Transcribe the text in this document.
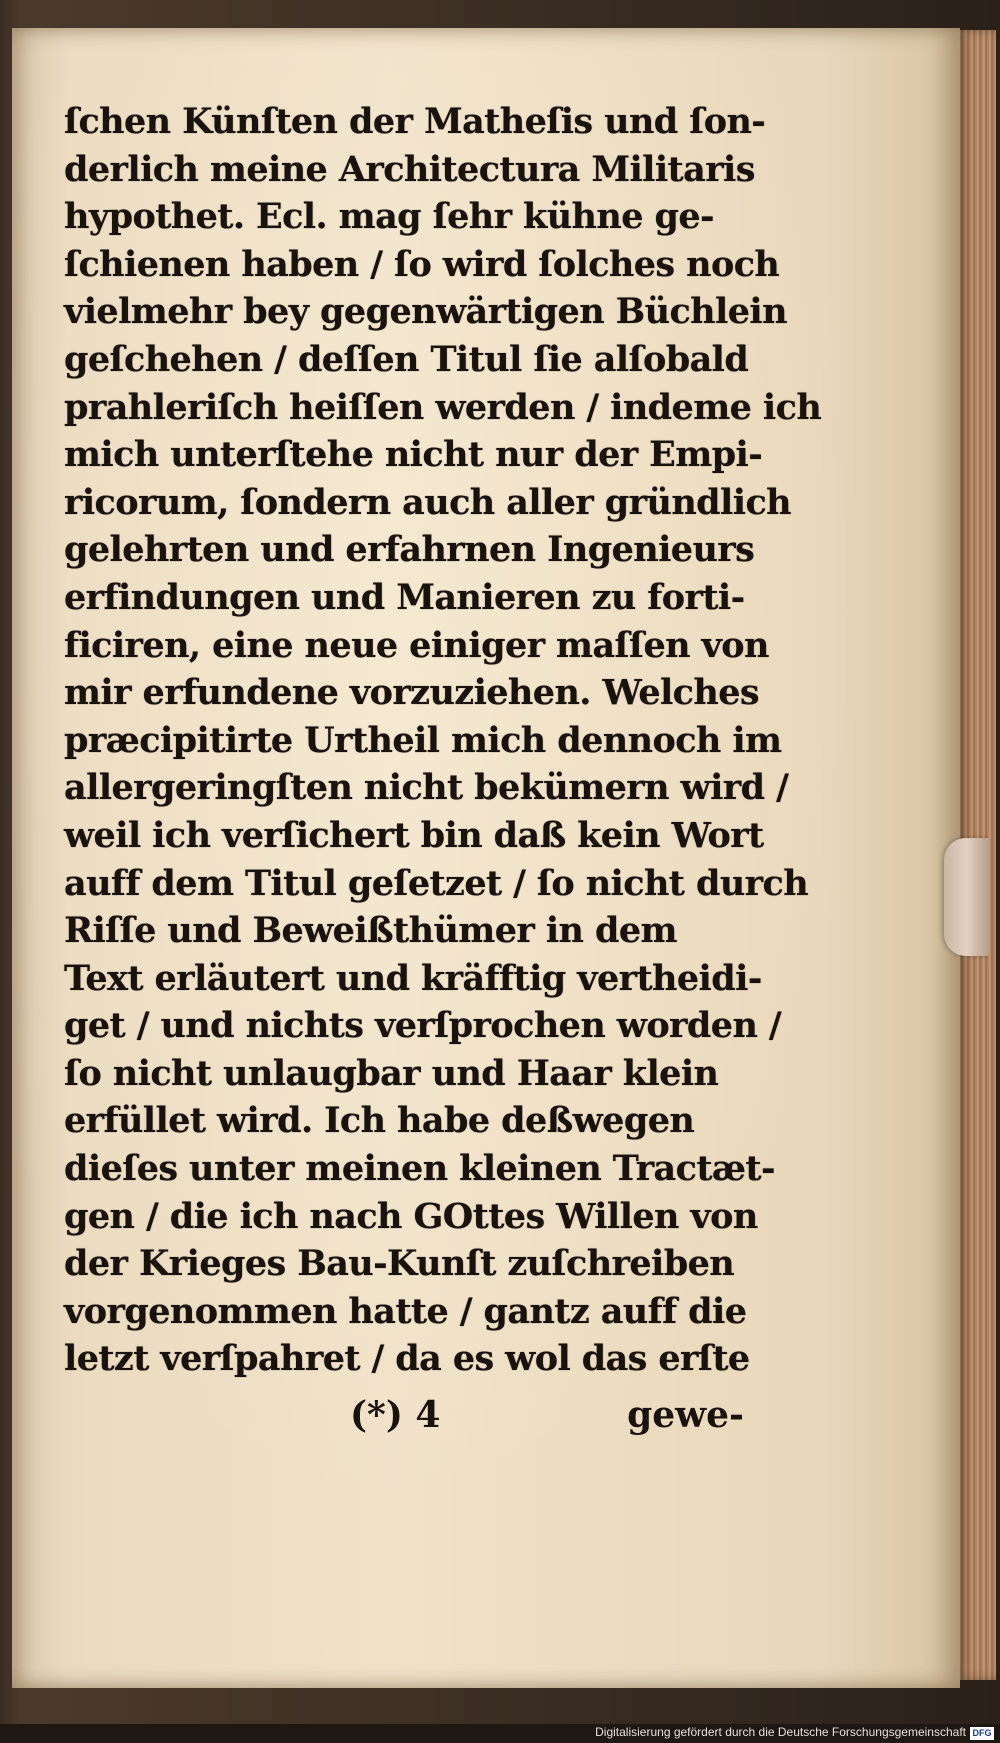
ſchen Künſten der Matheſis und ſon-
derlich meine Architectura Militaris
hypothet. Ecl. mag ſehr kühne ge-
ſchienen haben / ſo wird ſolches noch
vielmehr bey gegenwärtigen Büchlein
geſchehen / deſſen Titul ſie alſobald
prahleriſch heiſſen werden / indeme ich
mich unterſtehe nicht nur der Empi-
ricorum, ſondern auch aller gründlich
gelehrten und erfahrnen Ingenieurs
erfindungen und Manieren zu forti-
ficiren, eine neue einiger maſſen von
mir erfundene vorzuziehen. Welches
præcipitirte Urtheil mich dennoch im
allergeringſten nicht bekümern wird /
weil ich verſichert bin daß kein Wort
auff dem Titul geſetzet / ſo nicht durch
Riſſe und Beweißthümer in dem
Text erläutert und kräfftig vertheidi-
get / und nichts verſprochen worden /
ſo nicht unlaugbar und Haar klein
erfüllet wird. Ich habe deßwegen
dieſes unter meinen kleinen Tractæt-
gen / die ich nach GOttes Willen von
der Krieges Bau-Kunſt zuſchreiben
vorgenommen hatte / gantz auff die
letzt verſpahret / da es wol das erſte
(*) 4	gewe-
Digitalisierung gefördert durch die Deutsche Forschungsgemeinschaft DFG
